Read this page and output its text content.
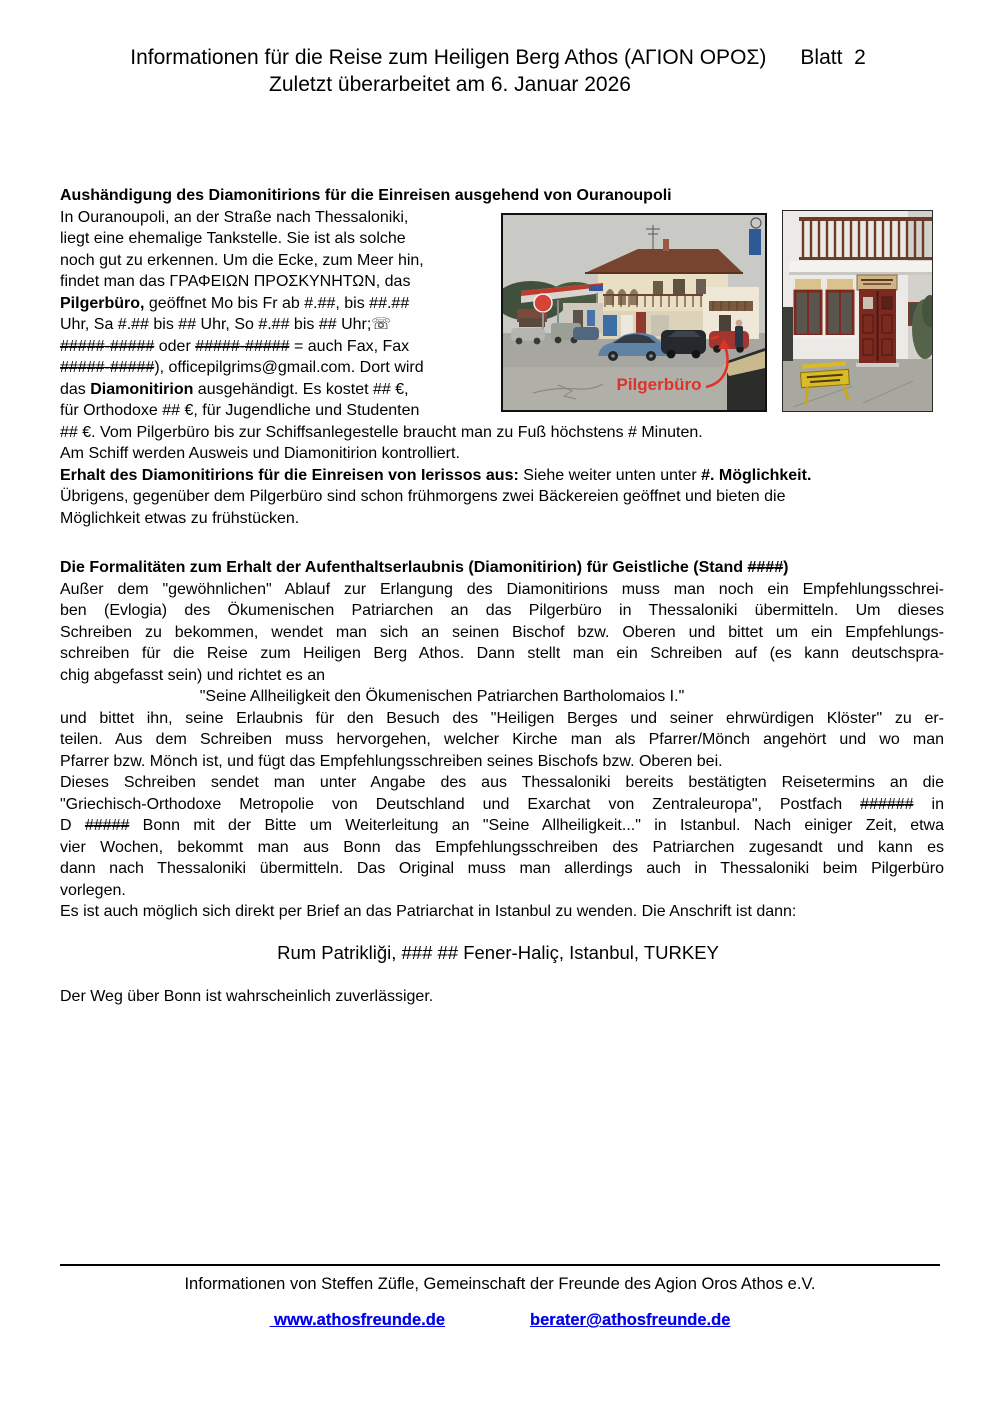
Informationen für die Reise zum Heiligen Berg Athos (ΑΓΙΟΝ ΟΡΟΣ) Blatt  2
Zuletzt überarbeitet am 6. Januar 2026
Aushändigung des Diamonitirions für die Einreisen ausgehend von Ouranoupoli
In Ouranoupoli, an der Straße nach Thessaloniki,
liegt eine ehemalige Tankstelle. Sie ist als solche
noch gut zu erkennen. Um die Ecke, zum Meer hin,
findet man das ΓΡΑΦΕΙΩΝ ΠΡΟΣΚΥΝΗΤΩΝ, das
Pilgerbüro, geöffnet Mo bis Fr ab #.##, bis ##.##
Uhr, Sa #.## bis ## Uhr, So #.## bis ## Uhr;☏
#####-##### oder #####-##### = auch Fax, Fax
#####-#####), officepilgrims@gmail.com. Dort wird
das Diamonitirion ausgehändigt. Es kostet ## €,
für Orthodoxe ## €, für Jugendliche und Studenten
## €. Vom Pilgerbüro bis zur Schiffsanlegestelle braucht man zu Fuß höchstens # Minuten.
Am Schiff werden Ausweis und Diamonitirion kontrolliert.
Erhalt des Diamonitirions für die Einreisen von Ierissos aus: Siehe weiter unten unter #. Möglichkeit.
Übrigens, gegenüber dem Pilgerbüro sind schon frühmorgens zwei Bäckereien geöffnet und bieten die
Möglichkeit etwas zu frühstücken.
Pilgerbüro
Die Formalitäten zum Erhalt der Aufenthaltserlaubnis (Diamonitirion) für Geistliche (Stand ####)
Außer dem "gewöhnlichen" Ablauf zur Erlangung des Diamonitirions muss man noch ein Empfehlungsschrei-
ben (Evlogia) des Ökumenischen Patriarchen an das Pilgerbüro in Thessaloniki übermitteln. Um dieses
Schreiben zu bekommen, wendet man sich an seinen Bischof bzw. Oberen und bittet um ein Empfehlungs-
schreiben für die Reise zum Heiligen Berg Athos. Dann stellt man ein Schreiben auf (es kann deutschspra-
chig abgefasst sein) und richtet es an
"Seine Allheiligkeit den Ökumenischen Patriarchen Bartholomaios I."
und bittet ihn, seine Erlaubnis für den Besuch des "Heiligen Berges und seiner ehrwürdigen Klöster" zu er-
teilen. Aus dem Schreiben muss hervorgehen, welcher Kirche man als Pfarrer/Mönch angehört und wo man
Pfarrer bzw. Mönch ist, und fügt das Empfehlungsschreiben seines Bischofs bzw. Oberen bei.
Dieses Schreiben sendet man unter Angabe des aus Thessaloniki bereits bestätigten Reisetermins an die
"Griechisch-Orthodoxe Metropolie von Deutschland und Exarchat von Zentraleuropa", Postfach ###### in
D ##### Bonn mit der Bitte um Weiterleitung an "Seine Allheiligkeit..." in Istanbul. Nach einiger Zeit, etwa
vier Wochen, bekommt man aus Bonn das Empfehlungsschreiben des Patriarchen zugesandt und kann es
dann nach Thessaloniki übermitteln. Das Original muss man allerdings auch in Thessaloniki beim Pilgerbüro
vorlegen.
Es ist auch möglich sich direkt per Brief an das Patriarchat in Istanbul zu wenden. Die Anschrift ist dann:
Rum Patrikliği, ### ## Fener-Haliç, Istanbul, TURKEY
Der Weg über Bonn ist wahrscheinlich zuverlässiger.
Informationen von Steffen Züfle, Gemeinschaft der Freunde des Agion Oros Athos e.V.
www.athosfreunde.de	berater@athosfreunde.de
